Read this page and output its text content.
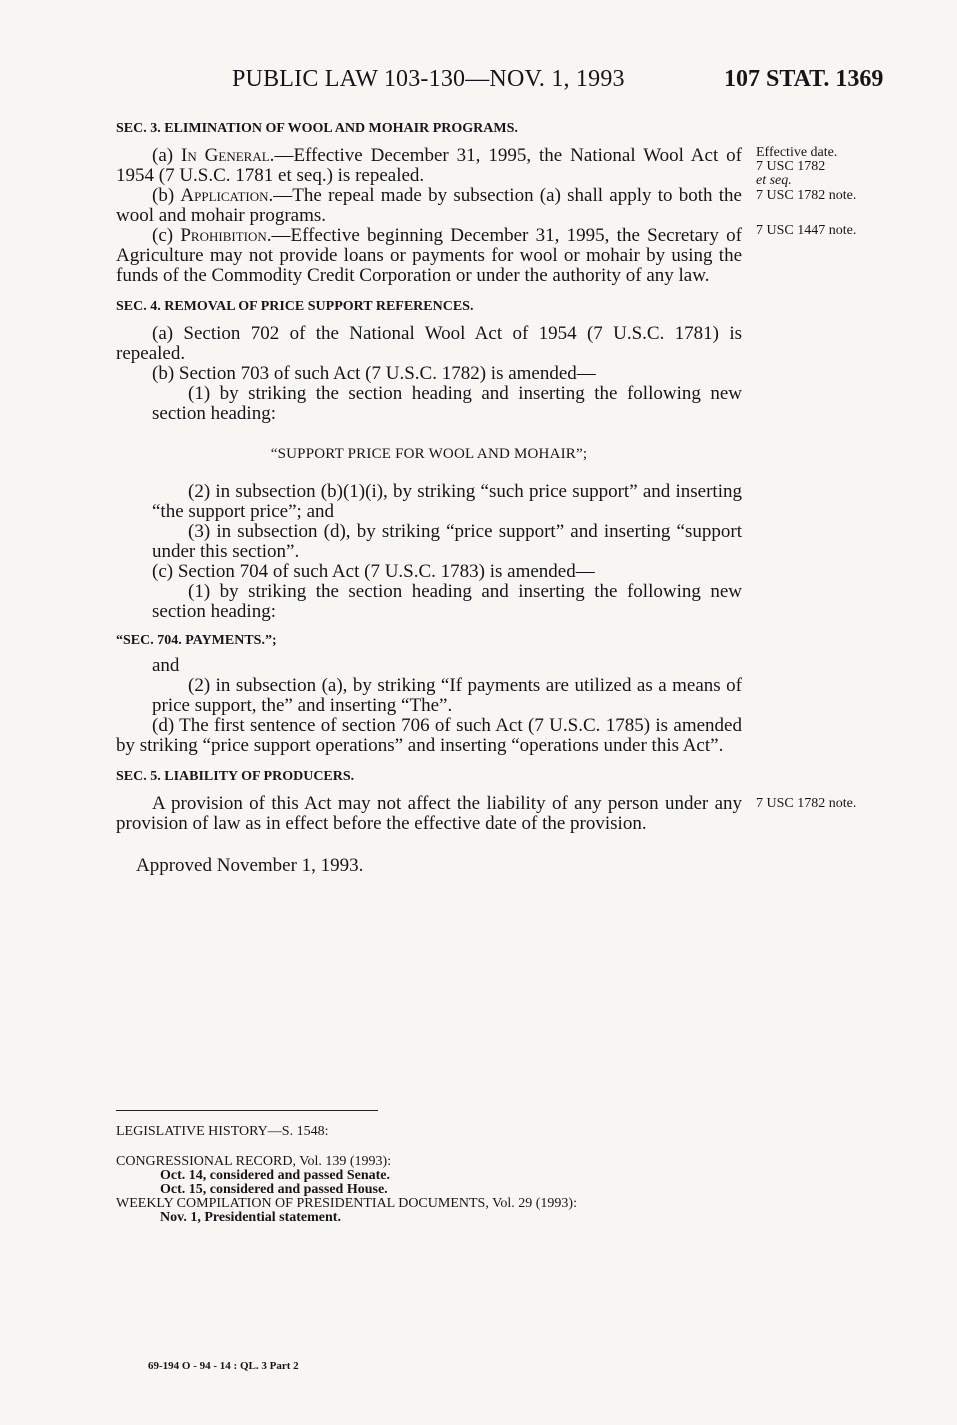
PUBLIC LAW 103-130—NOV. 1, 1993	107 STAT. 1369

SEC. 3. ELIMINATION OF WOOL AND MOHAIR PROGRAMS.

(a) In General.—Effective December 31, 1995, the National Wool Act of 1954 (7 U.S.C. 1781 et seq.) is repealed.

(b) Application.—The repeal made by subsection (a) shall apply to both the wool and mohair programs.

(c) Prohibition.—Effective beginning December 31, 1995, the Secretary of Agriculture may not provide loans or payments for wool or mohair by using the funds of the Commodity Credit Corporation or under the authority of any law.

SEC. 4. REMOVAL OF PRICE SUPPORT REFERENCES.

(a) Section 702 of the National Wool Act of 1954 (7 U.S.C. 1781) is repealed.

(b) Section 703 of such Act (7 U.S.C. 1782) is amended—

(1) by striking the section heading and inserting the following new section heading:

“SUPPORT PRICE FOR WOOL AND MOHAIR”;

(2) in subsection (b)(1)(i), by striking “such price support” and inserting “the support price”; and

(3) in subsection (d), by striking “price support” and inserting “support under this section”.

(c) Section 704 of such Act (7 U.S.C. 1783) is amended—

(1) by striking the section heading and inserting the following new section heading:

“SEC. 704. PAYMENTS.”;

and

(2) in subsection (a), by striking “If payments are utilized as a means of price support, the” and inserting “The”.

(d) The first sentence of section 706 of such Act (7 U.S.C. 1785) is amended by striking “price support operations” and inserting “operations under this Act”.

SEC. 5. LIABILITY OF PRODUCERS.

A provision of this Act may not affect the liability of any person under any provision of law as in effect before the effective date of the provision.

Approved November 1, 1993.

Effective date.
7 USC 1782
et seq.
7 USC 1782 note.
7 USC 1447 note.
7 USC 1782 note.
LEGISLATIVE HISTORY—S. 1548:
CONGRESSIONAL RECORD, Vol. 139 (1993):
Oct. 14, considered and passed Senate.
Oct. 15, considered and passed House.
WEEKLY COMPILATION OF PRESIDENTIAL DOCUMENTS, Vol. 29 (1993):
Nov. 1, Presidential statement.
69-194 O - 94 - 14 : QL. 3 Part 2
